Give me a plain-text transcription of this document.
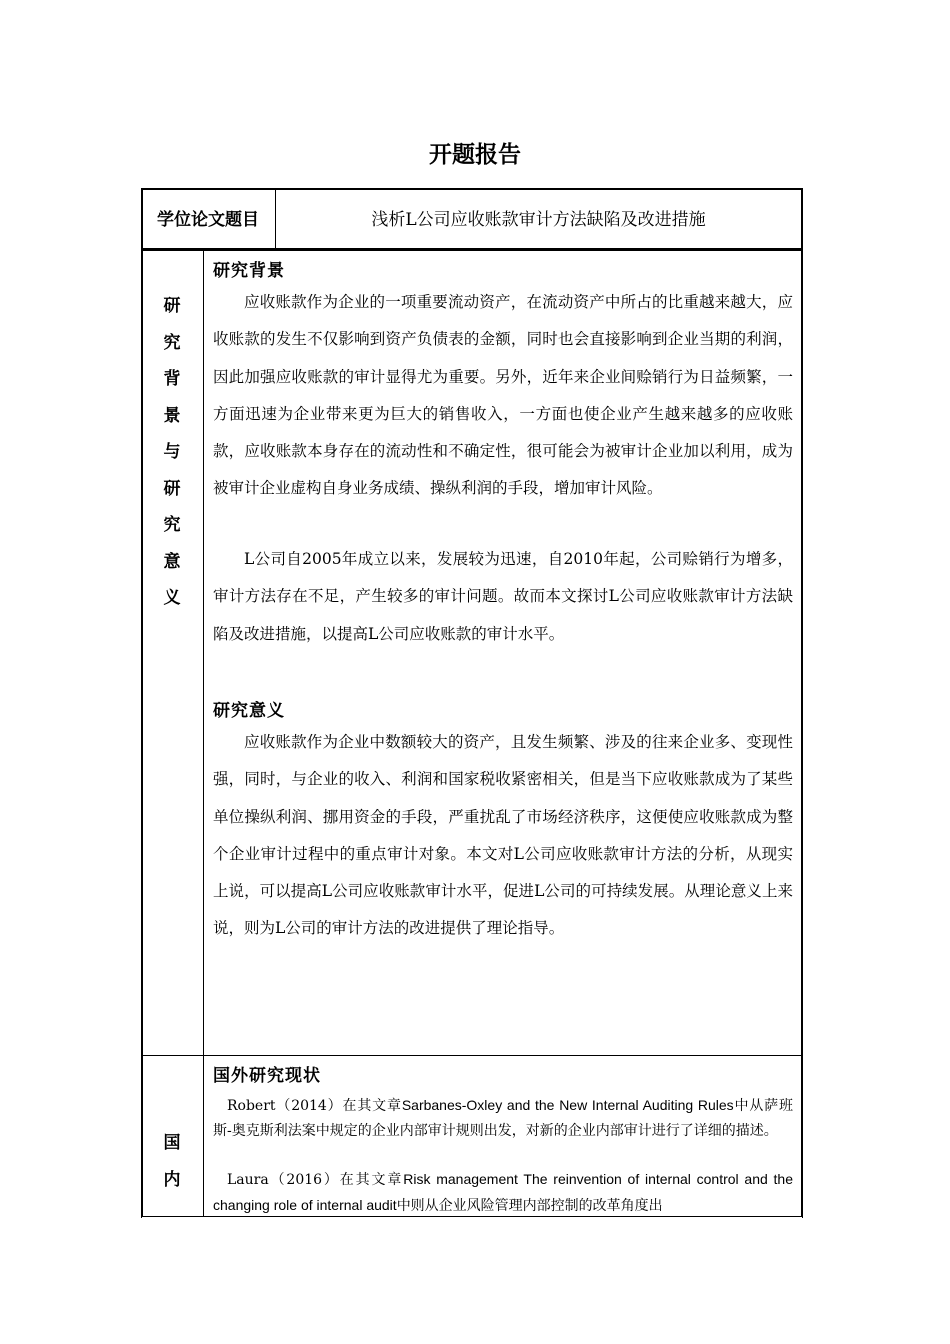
开题报告
学位论文题目	浅析L公司应收账款审计方法缺陷及改进措施
研
究
背
景
与
研
究
意
义
研究背景

应收账款作为企业的一项重要流动资产，在流动资产中所占的比重越来越大，应收账款的发生不仅影响到资产负债表的金额，同时也会直接影响到企业当期的利润，因此加强应收账款的审计显得尤为重要。另外，近年来企业间赊销行为日益频繁，一方面迅速为企业带来更为巨大的销售收入，一方面也使企业产生越来越多的应收账款，应收账款本身存在的流动性和不确定性，很可能会为被审计企业加以利用，成为被审计企业虚构自身业务成绩、操纵利润的手段，增加审计风险。

L公司自2005年成立以来，发展较为迅速，自2010年起，公司赊销行为增多，审计方法存在不足，产生较多的审计问题。故而本文探讨L公司应收账款审计方法缺陷及改进措施，以提高L公司应收账款的审计水平。

研究意义

应收账款作为企业中数额较大的资产，且发生频繁、涉及的往来企业多、变现性强，同时，与企业的收入、利润和国家税收紧密相关，但是当下应收账款成为了某些单位操纵利润、挪用资金的手段，严重扰乱了市场经济秩序，这便使应收账款成为整个企业审计过程中的重点审计对象。本文对L公司应收账款审计方法的分析，从现实上说，可以提高L公司应收账款审计水平，促进L公司的可持续发展。从理论意义上来说，则为L公司的审计方法的改进提供了理论指导。

国
内
国外研究现状

Robert（2014）在其文章Sarbanes-Oxley and the New Internal Auditing Rules中从萨班斯-奥克斯利法案中规定的企业内部审计规则出发，对新的企业内部审计进行了详细的描述。

Laura（2016）在其文章Risk management The reinvention of internal control and the changing role of internal audit中则从企业风险管理内部控制的改革角度出
